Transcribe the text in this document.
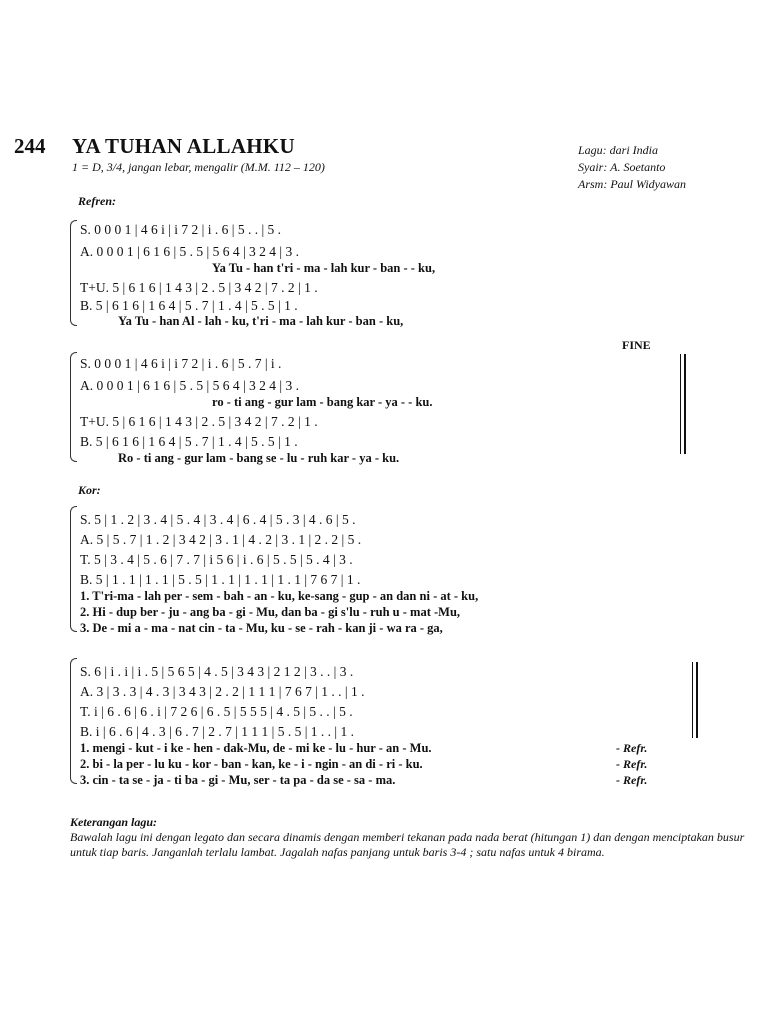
244 YA TUHAN ALLAHKU
1 = D, 3/4, jangan lebar, mengalir (M.M. 112 – 120)
Lagu: dari India
Syair: A. Soetanto
Arsm: Paul Widyawan
Refren:
S. 0 0 0 1 | 4 6 i | i 7 2 | i . 6 | 5 . . | 5 .
A. 0 0 0 1 | 6 1 6 | 5 . 5 | 5 6 4 | 3 2 4 | 3 .
Ya Tu - han t'ri - ma - lah kur - ban - - ku,
T+U. 5 | 6 1 6 | 1 4 3 | 2 . 5 | 3 4 2 | 7 . 2 | 1 .
B. 5 | 6 1 6 | 1 6 4 | 5 . 7 | 1 . 4 | 5 . 5 | 1 .
Ya Tu - han Al - lah - ku, t'ri - ma - lah kur - ban - ku,
FINE
S. 0 0 0 1 | 4 6 i | i 7 2 | i . 6 | 5 . 7 | i .
A. 0 0 0 1 | 6 1 6 | 5 . 5 | 5 6 4 | 3 2 4 | 3 .
ro - ti ang - gur lam - bang kar - ya - - ku.
T+U. 5 | 6 1 6 | 1 4 3 | 2 . 5 | 3 4 2 | 7 . 2 | 1 .
B. 5 | 6 1 6 | 1 6 4 | 5 . 7 | 1 . 4 | 5 . 5 | 1 .
Ro - ti ang - gur lam - bang se - lu - ruh kar - ya - ku.
Kor:
S. 5 | 1 . 2 | 3 . 4 | 5 . 4 | 3 . 4 | 6 . 4 | 5 . 3 | 4 . 6 | 5 .
A. 5 | 5 . 7 | 1 . 2 | 3 4 2 | 3 . 1 | 4 . 2 | 3 . 1 | 2 . 2 | 5 .
T. 5 | 3 . 4 | 5 . 6 | 7 . 7 | i 5 6 | i . 6 | 5 . 5 | 5 . 4 | 3 .
B. 5 | 1 . 1 | 1 . 1 | 5 . 5 | 1 . 1 | 1 . 1 | 1 . 1 | 7 6 7 | 1 .
1. T'ri-ma - lah per - sem - bah - an - ku, ke-sang - gup - an dan ni - at - ku,
2. Hi - dup ber - ju - ang ba - gi - Mu, dan ba - gi s'lu - ruh u - mat -Mu,
3. De - mi a - ma - nat cin - ta - Mu, ku - se - rah - kan ji - wa ra - ga,
S. 6 | i . i | i . 5 | 5 6 5 | 4 . 5 | 3 4 3 | 2 1 2 | 3 . . | 3 .
A. 3 | 3 . 3 | 4 . 3 | 3 4 3 | 2 . 2 | 1 1 1 | 7 6 7 | 1 . . | 1 .
T. i | 6 . 6 | 6 . i | 7 2 6 | 6 . 5 | 5 5 5 | 4 . 5 | 5 . . | 5 .
B. i | 6 . 6 | 4 . 3 | 6 . 7 | 2 . 7 | 1 1 1 | 5 . 5 | 1 . . | 1 .
1. mengi - kut - i ke - hen - dak-Mu, de - mi ke - lu - hur - an - Mu.
2. bi - la per - lu ku - kor - ban - kan, ke - i - ngin - an di - ri - ku.
3. cin - ta se - ja - ti ba - gi - Mu, ser - ta pa - da se - sa - ma.
- Refr.
- Refr.
- Refr.
Keterangan lagu:
Bawalah lagu ini dengan legato dan secara dinamis dengan memberi tekanan pada nada berat (hitungan 1) dan dengan menciptakan busur untuk tiap baris. Janganlah terlalu lambat. Jagalah nafas panjang untuk baris 3-4 ; satu nafas untuk 4 birama.
